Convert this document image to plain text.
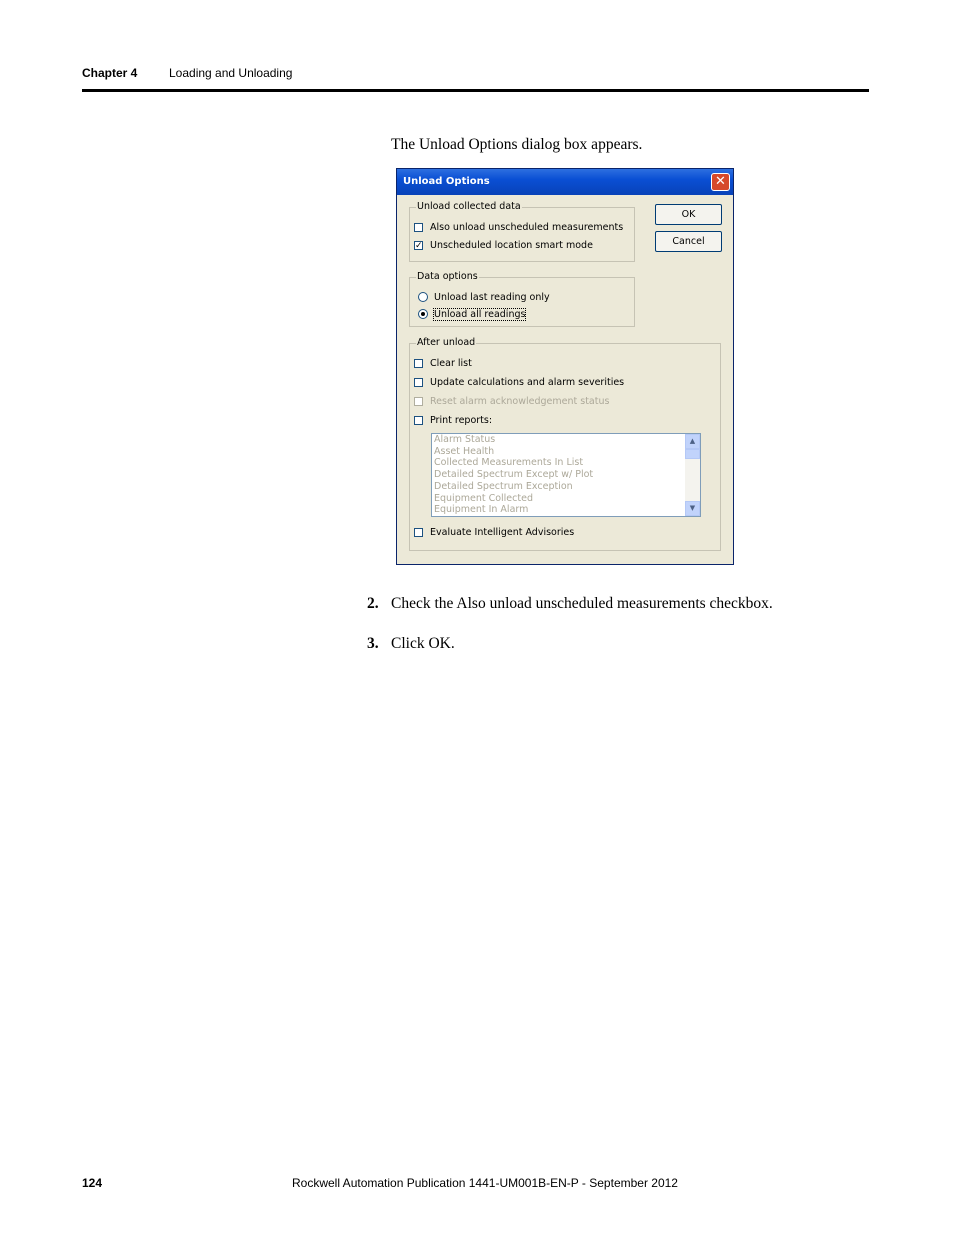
Chapter 4	Loading and Unloading
The Unload Options dialog box appears.
Unload Options	✕
Unload collected data
Also unload unscheduled measurements
✓ Unscheduled location smart mode
Data options
Unload last reading only
Unload all readings
After unload
Clear list
Update calculations and alarm severities
Reset alarm acknowledgement status
Print reports:
Alarm Status
Asset Health
Collected Measurements In List
Detailed Spectrum Except w/ Plot
Detailed Spectrum Exception
Equipment Collected
Equipment In Alarm
▲
▼
Evaluate Intelligent Advisories
OK
Cancel
2. Check the Also unload unscheduled measurements checkbox.
3. Click OK.
124	Rockwell Automation Publication 1441-UM001B-EN-P - September 2012
